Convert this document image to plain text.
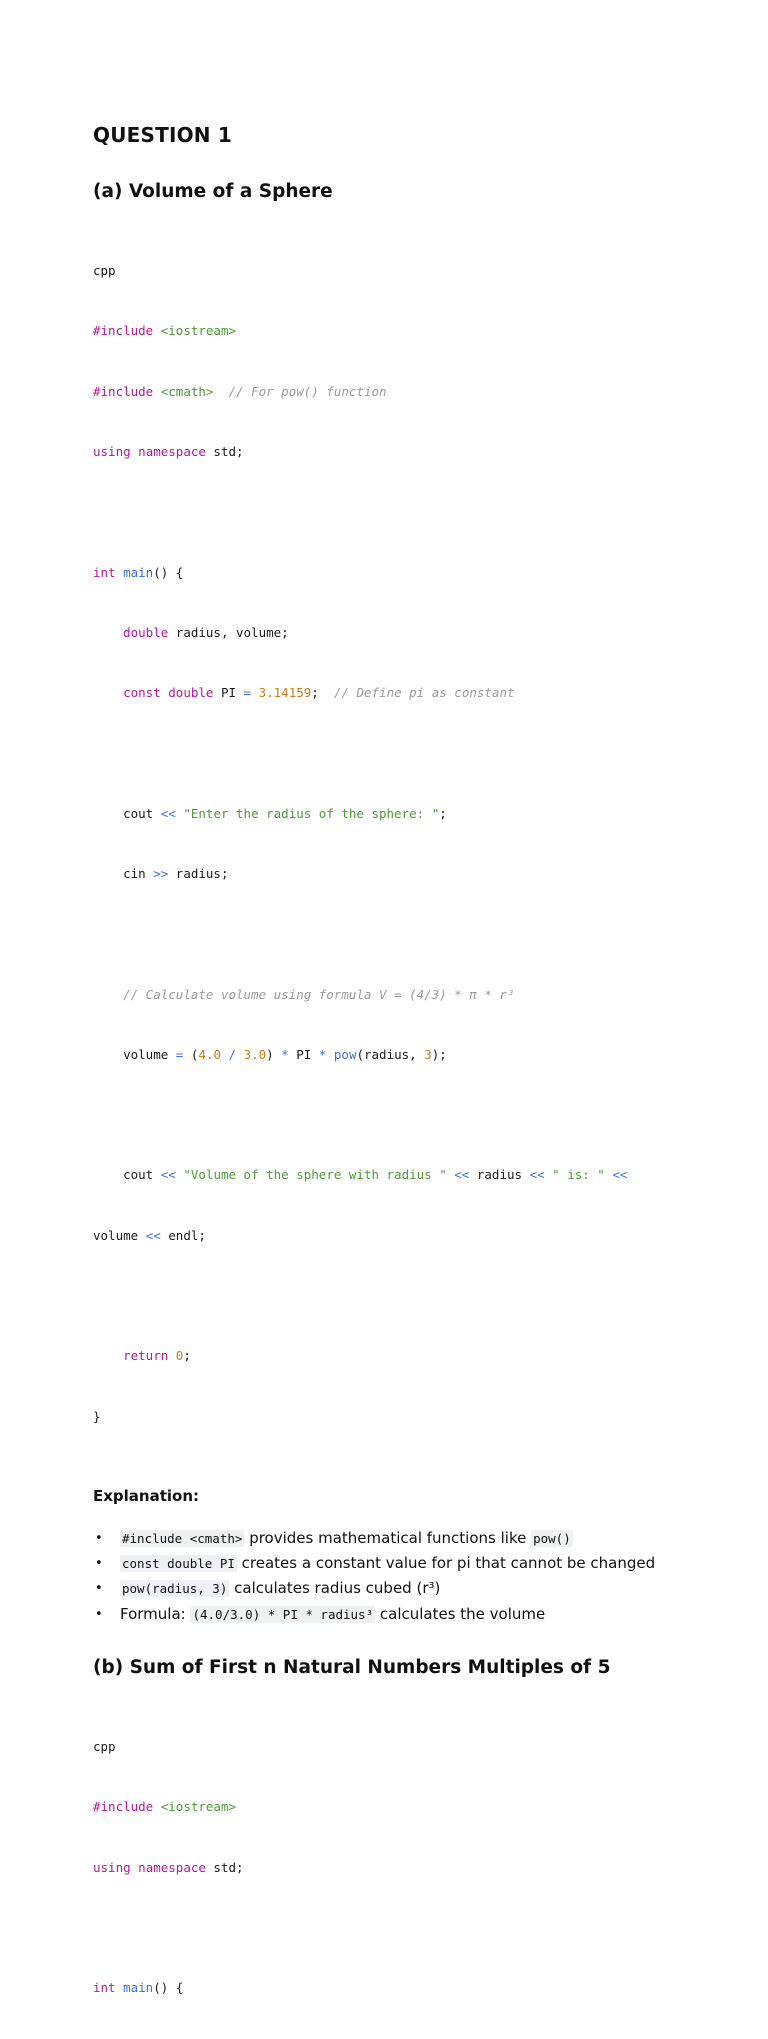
QUESTION 1
(a) Volume of a Sphere

cpp

#include <iostream>

#include <cmath> // For pow() function

using namespace std;

int main() {

double radius, volume;

const double PI = 3.14159; // Define pi as constant

cout << "Enter the radius of the sphere: ";

cin >> radius;

// Calculate volume using formula V = (4/3) * π * r³

volume = (4.0 / 3.0) * PI * pow(radius, 3);

cout << "Volume of the sphere with radius " << radius << " is: " <<

volume << endl;

return 0;

}

Explanation:
• #include <cmath> provides mathematical functions like pow()
• const double PI creates a constant value for pi that cannot be changed
• pow(radius, 3) calculates radius cubed (r³)
• Formula: (4.0/3.0) * PI * radius³ calculates the volume
(b) Sum of First n Natural Numbers Multiples of 5

cpp

#include <iostream>

using namespace std;

int main() {
